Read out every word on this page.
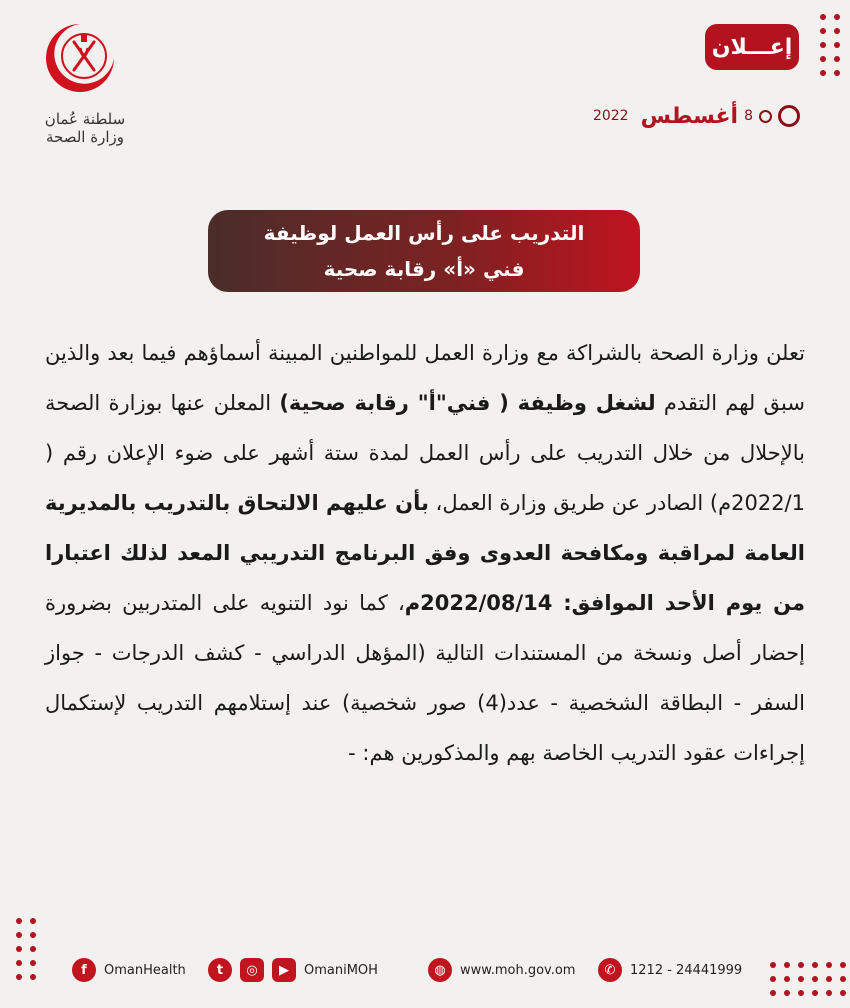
سلطنة عُمان
وزارة الصحة
إعـــلان
8
أغسطس
2022
التدريب على رأس العمل لوظيفة
فني «أ» رقابة صحية
تعلن وزارة الصحة بالشراكة مع وزارة العمل للمواطنين المبينة أسماؤهم فيما بعد والذين سبق لهم التقدم لشغل وظيفة ( فني"أ" رقابة صحية) المعلن عنها بوزارة الصحة بالإحلال من خلال التدريب على رأس العمل لمدة ستة أشهر على ضوء الإعلان رقم ( 2022/1م) الصادر عن طريق وزارة العمل، بأن عليهم الالتحاق بالتدريب بالمديرية العامة لمراقبة ومكافحة العدوى وفق البرنامج التدريبي المعد لذلك اعتبارا من يوم الأحد الموافق: 2022/08/14م، كما نود التنويه على المتدربين بضرورة إحضار أصل ونسخة من المستندات التالية (المؤهل الدراسي - كشف الدرجات - جواز السفر - البطاقة الشخصية - عدد(4) صور شخصية) عند إستلامهم التدريب لإستكمال إجراءات عقود التدريب الخاصة بهم والمذكورين هم: -
f	OmanHealth	t	◎	▶	OmaniMOH	◍	www.moh.gov.om	✆	1212 - 24441999
